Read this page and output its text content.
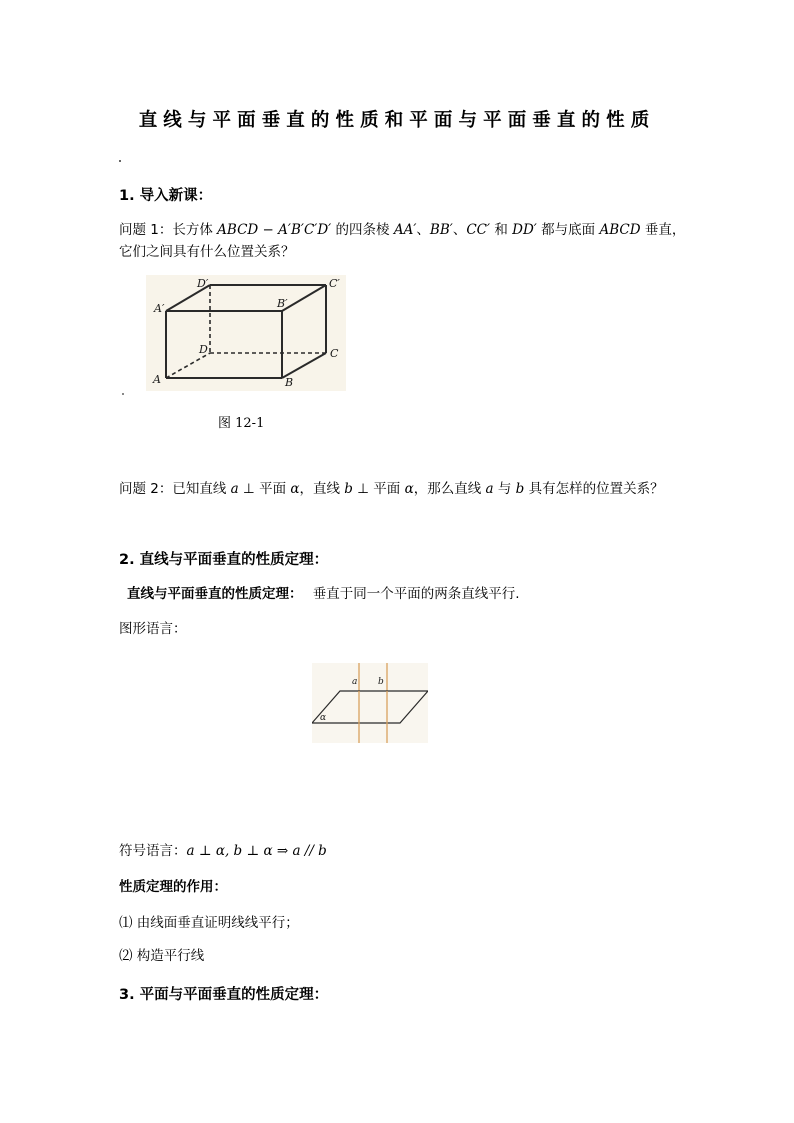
直线与平面垂直的性质和平面与平面垂直的性质
1. 导入新课：
问题 1：长方体 ABCD − A′B′C′D′ 的四条棱 AA′、BB′、CC′ 和 DD′ 都与底面 ABCD 垂直，
它们之间具有什么位置关系？
A′
D′
B′
C′
D	C
A	B
图 12-1
问题 2：已知直线 a ⊥ 平面 α，直线 b ⊥ 平面 α，那么直线 a 与 b 具有怎样的位置关系？
2. 直线与平面垂直的性质定理：
直线与平面垂直的性质定理： 垂直于同一个平面的两条直线平行.
图形语言：
a b
α
符号语言：a ⊥ α, b ⊥ α ⇒ a // b
性质定理的作用：
⑴ 由线面垂直证明线线平行；
⑵ 构造平行线
3. 平面与平面垂直的性质定理：
